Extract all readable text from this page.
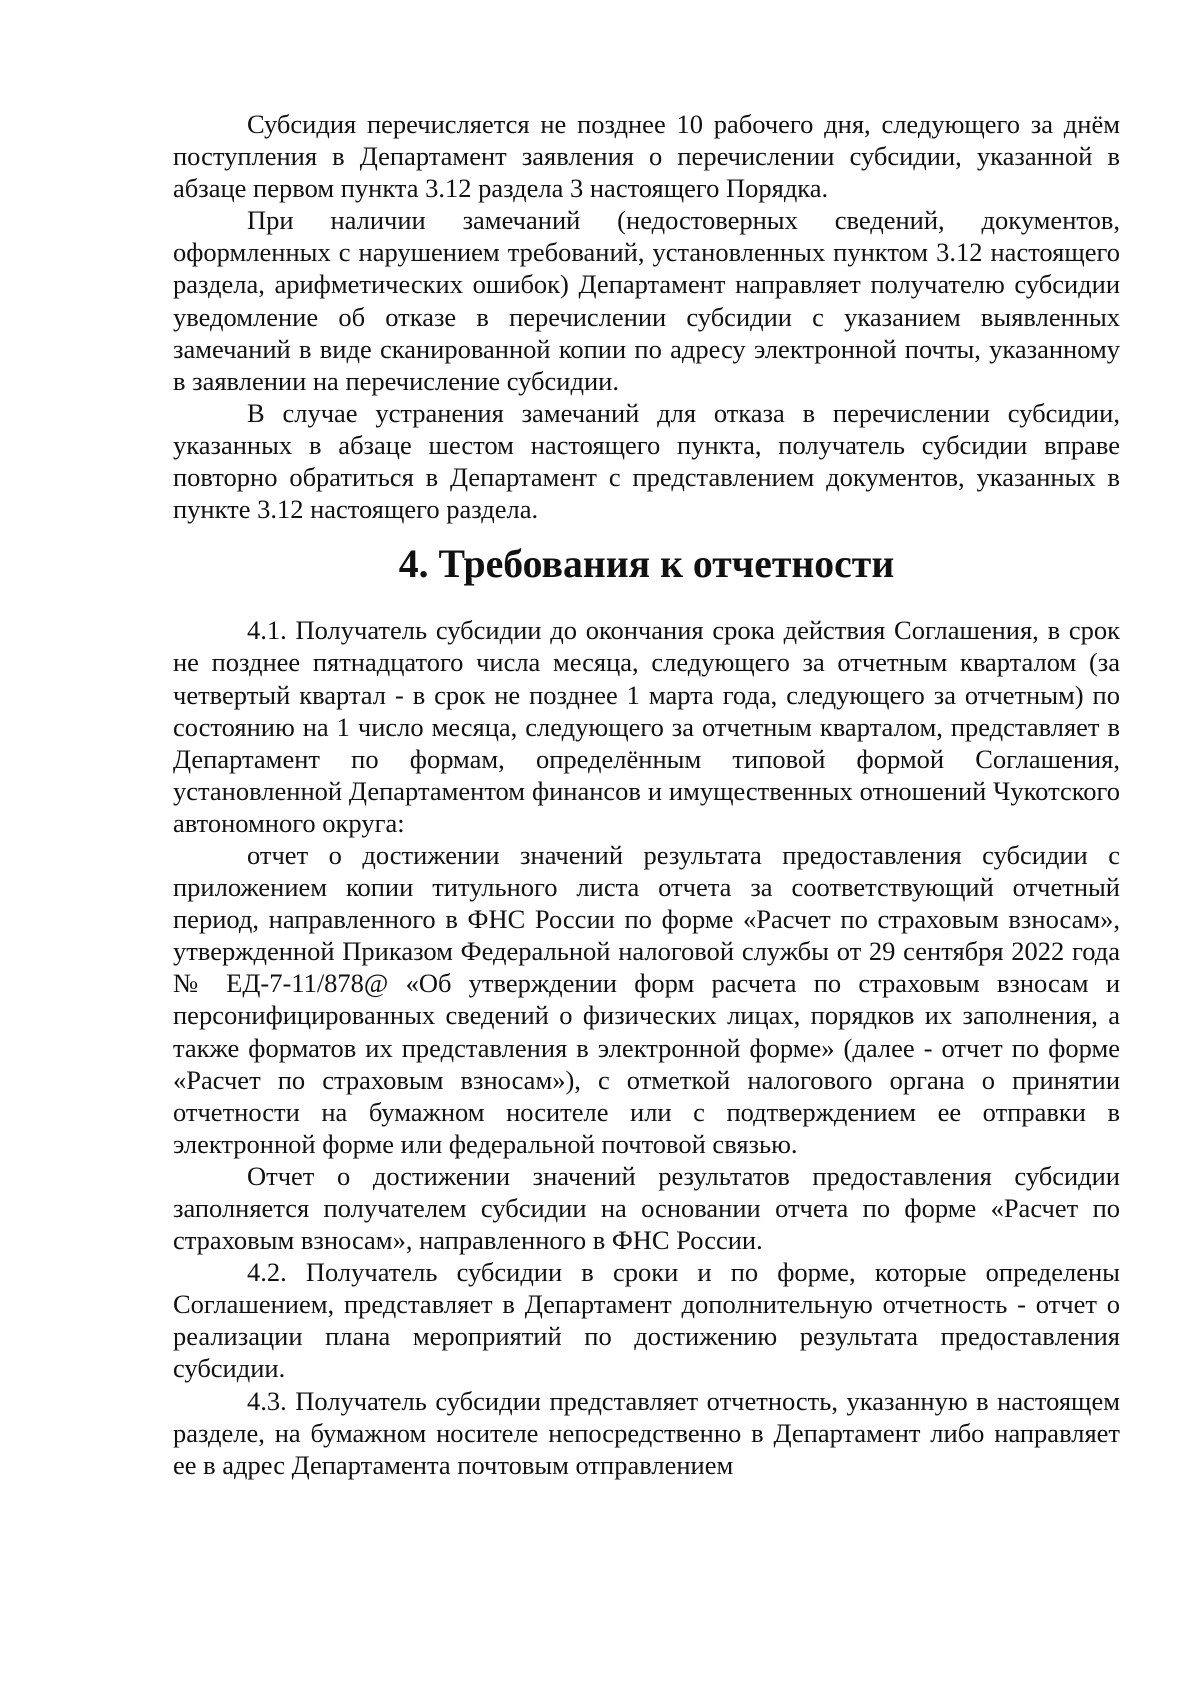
Субсидия перечисляется не позднее 10 рабочего дня, следующего за днём поступления в Департамент заявления о перечислении субсидии, указанной в абзаце первом пункта 3.12 раздела 3 настоящего Порядка.

При наличии замечаний (недостоверных сведений, документов, оформленных с нарушением требований, установленных пунктом 3.12 настоящего раздела, арифметических ошибок) Департамент направляет получателю субсидии уведомление об отказе в перечислении субсидии с указанием выявленных замечаний в виде сканированной копии по адресу электронной почты, указанному в заявлении на перечисление субсидии.

В случае устранения замечаний для отказа в перечислении субсидии, указанных в абзаце шестом настоящего пункта, получатель субсидии вправе повторно обратиться в Департамент с представлением документов, указанных в пункте 3.12 настоящего раздела.

4. Требования к отчетности

4.1. Получатель субсидии до окончания срока действия Соглашения, в срок не позднее пятнадцатого числа месяца, следующего за отчетным кварталом (за четвертый квартал - в срок не позднее 1 марта года, следующего за отчетным) по состоянию на 1 число месяца, следующего за отчетным кварталом, представляет в Департамент по формам, определённым типовой формой Соглашения, установленной Департаментом финансов и имущественных отношений Чукотского автономного округа:

отчет о достижении значений результата предоставления субсидии с приложением копии титульного листа отчета за соответствующий отчетный период, направленного в ФНС России по форме «Расчет по страховым взносам», утвержденной Приказом Федеральной налоговой службы от 29 сентября 2022 года № ЕД-7-11/878@ «Об утверждении форм расчета по страховым взносам и персонифицированных сведений о физических лицах, порядков их заполнения, а также форматов их представления в электронной форме» (далее - отчет по форме «Расчет по страховым взносам»), с отметкой налогового органа о принятии отчетности на бумажном носителе или с подтверждением ее отправки в электронной форме или федеральной почтовой связью.

Отчет о достижении значений результатов предоставления субсидии заполняется получателем субсидии на основании отчета по форме «Расчет по страховым взносам», направленного в ФНС России.

4.2. Получатель субсидии в сроки и по форме, которые определены Соглашением, представляет в Департамент дополнительную отчетность - отчет о реализации плана мероприятий по достижению результата предоставления субсидии.

4.3. Получатель субсидии представляет отчетность, указанную в настоящем разделе, на бумажном носителе непосредственно в Департамент либо направляет ее в адрес Департамента почтовым отправлением
